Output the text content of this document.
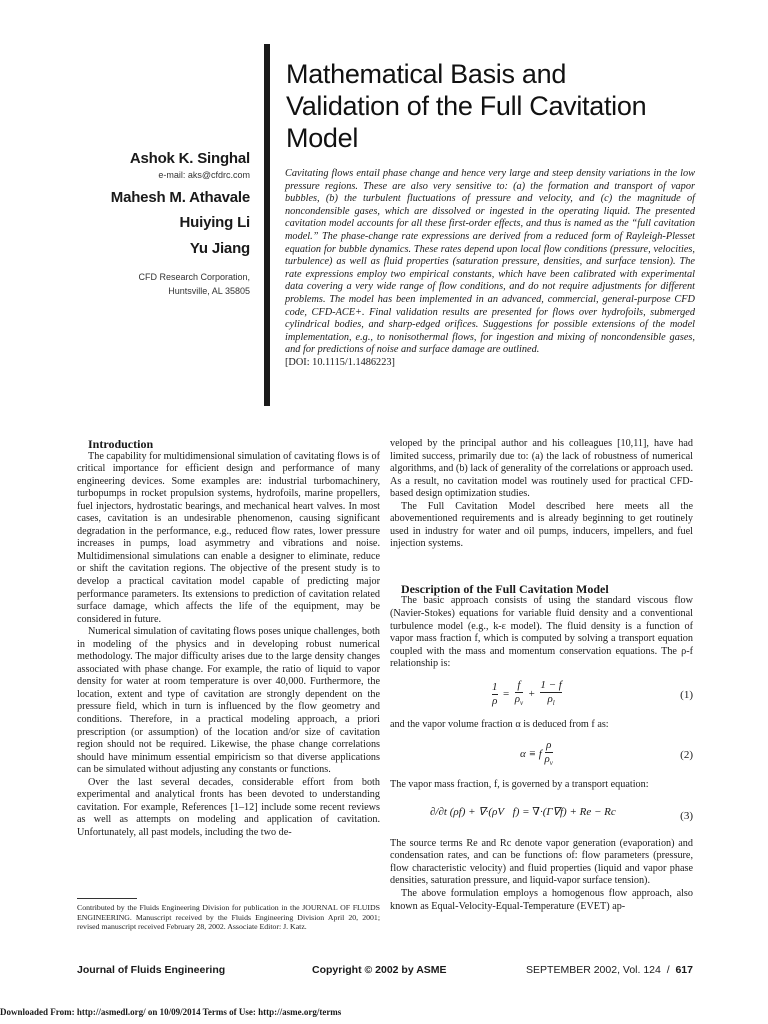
Mathematical Basis and
Validation of the Full Cavitation
Model
Ashok K. Singhal
e-mail: aks@cfdrc.com
Mahesh M. Athavale
Huiying Li
Yu Jiang
CFD Research Corporation,
Huntsville, AL 35805

Cavitating flows entail phase change and hence very large and steep density variations in the low pressure regions. These are also very sensitive to: (a) the formation and transport of vapor bubbles, (b) the turbulent fluctuations of pressure and velocity, and (c) the magnitude of noncondensible gases, which are dissolved or ingested in the operating liquid. The presented cavitation model accounts for all these first-order effects, and thus is named as the “full cavitation model.” The phase-change rate expressions are derived from a reduced form of Rayleigh-Plesset equation for bubble dynamics. These rates depend upon local flow conditions (pressure, velocities, turbulence) as well as fluid properties (saturation pressure, densities, and surface tension). The rate expressions employ two empirical constants, which have been calibrated with experimental data covering a very wide range of flow conditions, and do not require adjustments for different problems. The model has been implemented in an advanced, commercial, general-purpose CFD code, CFD-ACE+. Final validation results are presented for flows over hydrofoils, submerged cylindrical bodies, and sharp-edged orifices. Suggestions for possible extensions of the model implementation, e.g., to nonisothermal flows, for ingestion and mixing of noncondensible gases, and for predictions of noise and surface damage are outlined.

[DOI: 10.1115/1.1486223]

Introduction

The capability for multidimensional simulation of cavitating flows is of critical importance for efficient design and performance of many engineering devices. Some examples are: industrial turbomachinery, turbopumps in rocket propulsion systems, hydrofoils, marine propellers, fuel injectors, hydrostatic bearings, and mechanical heart valves. In most cases, cavitation is an undesirable phenomenon, causing significant degradation in the performance, e.g., reduced flow rates, lower pressure increases in pumps, load asymmetry and vibrations and noise. Multidimensional simulations can enable a designer to eliminate, reduce or shift the cavitation regions. The objective of the present study is to develop a practical cavitation model capable of predicting major performance parameters. Its extensions to prediction of cavitation related surface damage, which affects the life of the equipment, may be considered in future.

Numerical simulation of cavitating flows poses unique challenges, both in modeling of the physics and in developing robust numerical methodology. The major difficulty arises due to the large density changes associated with phase change. For example, the ratio of liquid to vapor density for water at room temperature is over 40,000. Furthermore, the location, extent and type of cavitation are strongly dependent on the pressure field, which in turn is influenced by the flow geometry and conditions. Therefore, in a practical modeling approach, a priori prescription (or assumption) of the location and/or size of cavitation region should not be required. Likewise, the phase change correlations should have minimum essential empiricism so that diverse applications can be simulated without adjusting any constants or functions.

Over the last several decades, considerable effort from both experimental and analytical fronts has been devoted to understanding cavitation. For example, References [1–12] include some recent reviews as well as attempts on modeling and application of cavitation. Unfortunately, all past models, including the two de-

veloped by the principal author and his colleagues [10,11], have had limited success, primarily due to: (a) the lack of robustness of numerical algorithms, and (b) lack of generality of the correlations or approach used. As a result, no cavitation model was routinely used for practical CFD-based design optimization studies.

The Full Cavitation Model described here meets all the abovementioned requirements and is already beginning to get routinely used in industry for water and oil pumps, inducers, impellers, and fuel injection systems.

Description of the Full Cavitation Model

The basic approach consists of using the standard viscous flow (Navier-Stokes) equations for variable fluid density and a conventional turbulence model (e.g., k-ε model). The fluid density is a function of vapor mass fraction f, which is computed by solving a transport equation coupled with the mass and momentum conservation equations. The ρ-f relationship is:

$\frac{1}{\rho} = \frac{f}{\rho_v} + \frac{1 - f}{\rho_l}$	(1)

and the vapor volume fraction α is deduced from f as:

α ≡ f $\frac{\rho}{\rho_v}$	(2)

The vapor mass fraction, f, is governed by a transport equation:

∂/∂t (ρf) + ∇·(ρV⃗f) = ∇·(Γ∇f) + Re − Rc	(3)

The source terms Re and Rc denote vapor generation (evaporation) and condensation rates, and can be functions of: flow parameters (pressure, flow characteristic velocity) and fluid properties (liquid and vapor phase densities, saturation pressure, and liquid-vapor surface tension).

The above formulation employs a homogenous flow approach, also known as Equal-Velocity-Equal-Temperature (EVET) ap-

Contributed by the Fluids Engineering Division for publication in the JOURNAL OF FLUIDS ENGINEERING. Manuscript received by the Fluids Engineering Division April 20, 2001; revised manuscript received February 28, 2002. Associate Editor: J. Katz.
Journal of Fluids Engineering	Copyright © 2002 by ASME	SEPTEMBER 2002, Vol. 124  /  617
Downloaded From: http://asmedl.org/ on 10/09/2014 Terms of Use: http://asme.org/terms
